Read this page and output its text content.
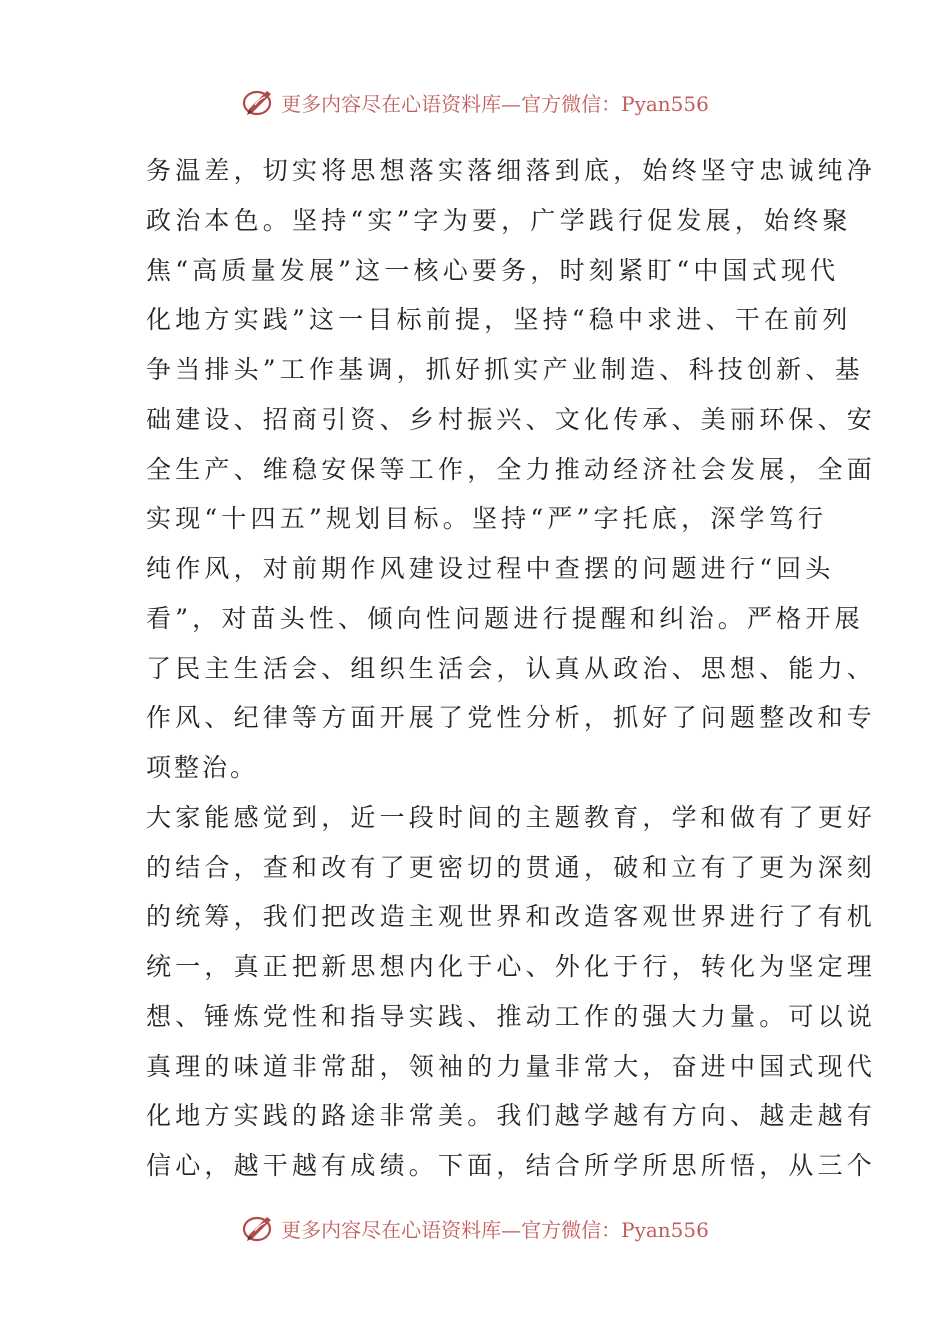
更多内容尽在心语资料库—官方微信：Pyan556
务温差，切实将思想落实落细落到底，始终坚守忠诚纯净
政治本色。坚持“实”字为要，广学践行促发展，始终聚
焦“高质量发展”这一核心要务，时刻紧盯“中国式现代
化地方实践”这一目标前提，坚持“稳中求进、干在前列
争当排头”工作基调，抓好抓实产业制造、科技创新、基
础建设、招商引资、乡村振兴、文化传承、美丽环保、安
全生产、维稳安保等工作，全力推动经济社会发展，全面
实现“十四五”规划目标。坚持“严”字托底，深学笃行
纯作风，对前期作风建设过程中查摆的问题进行“回头
看”，对苗头性、倾向性问题进行提醒和纠治。严格开展
了民主生活会、组织生活会，认真从政治、思想、能力、
作风、纪律等方面开展了党性分析，抓好了问题整改和专
项整治。
大家能感觉到，近一段时间的主题教育，学和做有了更好
的结合，查和改有了更密切的贯通，破和立有了更为深刻
的统筹，我们把改造主观世界和改造客观世界进行了有机
统一，真正把新思想内化于心、外化于行，转化为坚定理
想、锤炼党性和指导实践、推动工作的强大力量。可以说
真理的味道非常甜，领袖的力量非常大，奋进中国式现代
化地方实践的路途非常美。我们越学越有方向、越走越有
信心，越干越有成绩。下面，结合所学所思所悟，从三个
更多内容尽在心语资料库—官方微信：Pyan556
